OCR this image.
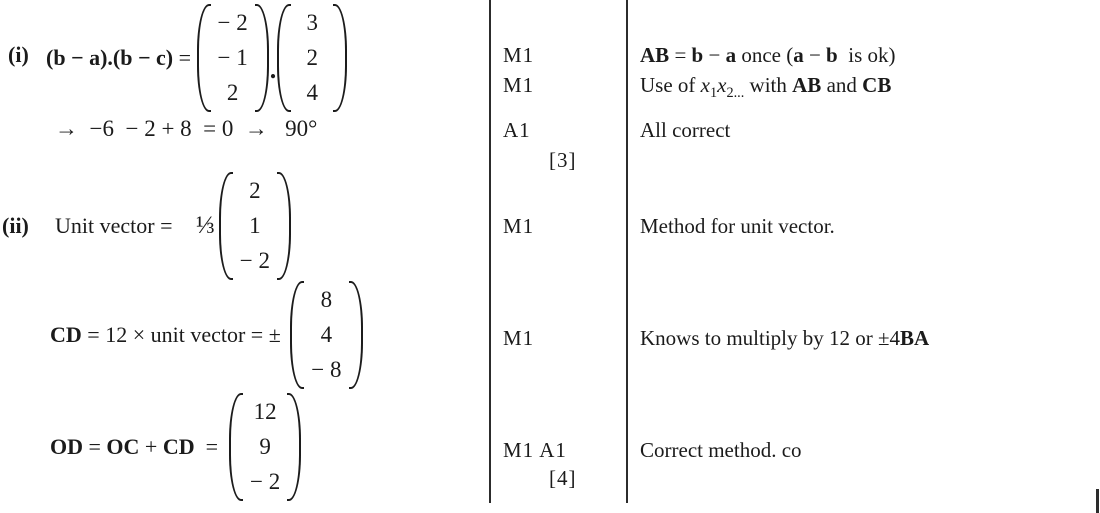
(i) (b − a).(b − c) =
− 2
− 1
2
.
3
2
4
→  −6  − 2 + 8  = 0  →   90°
(ii) Unit vector = ⅓
2
1
− 2
CD = 12 × unit vector = ±
8
4
− 8
OD = OC + CD  =
12
9
− 2
M1
M1
A1
[3]
M1
M1
M1 A1
[4]
AB = b − a once (a − b  is ok)
Use of $x_1x_{2...}$ with AB and CB
All correct
Method for unit vector.
Knows to multiply by 12 or ±4BA
Correct method. co
